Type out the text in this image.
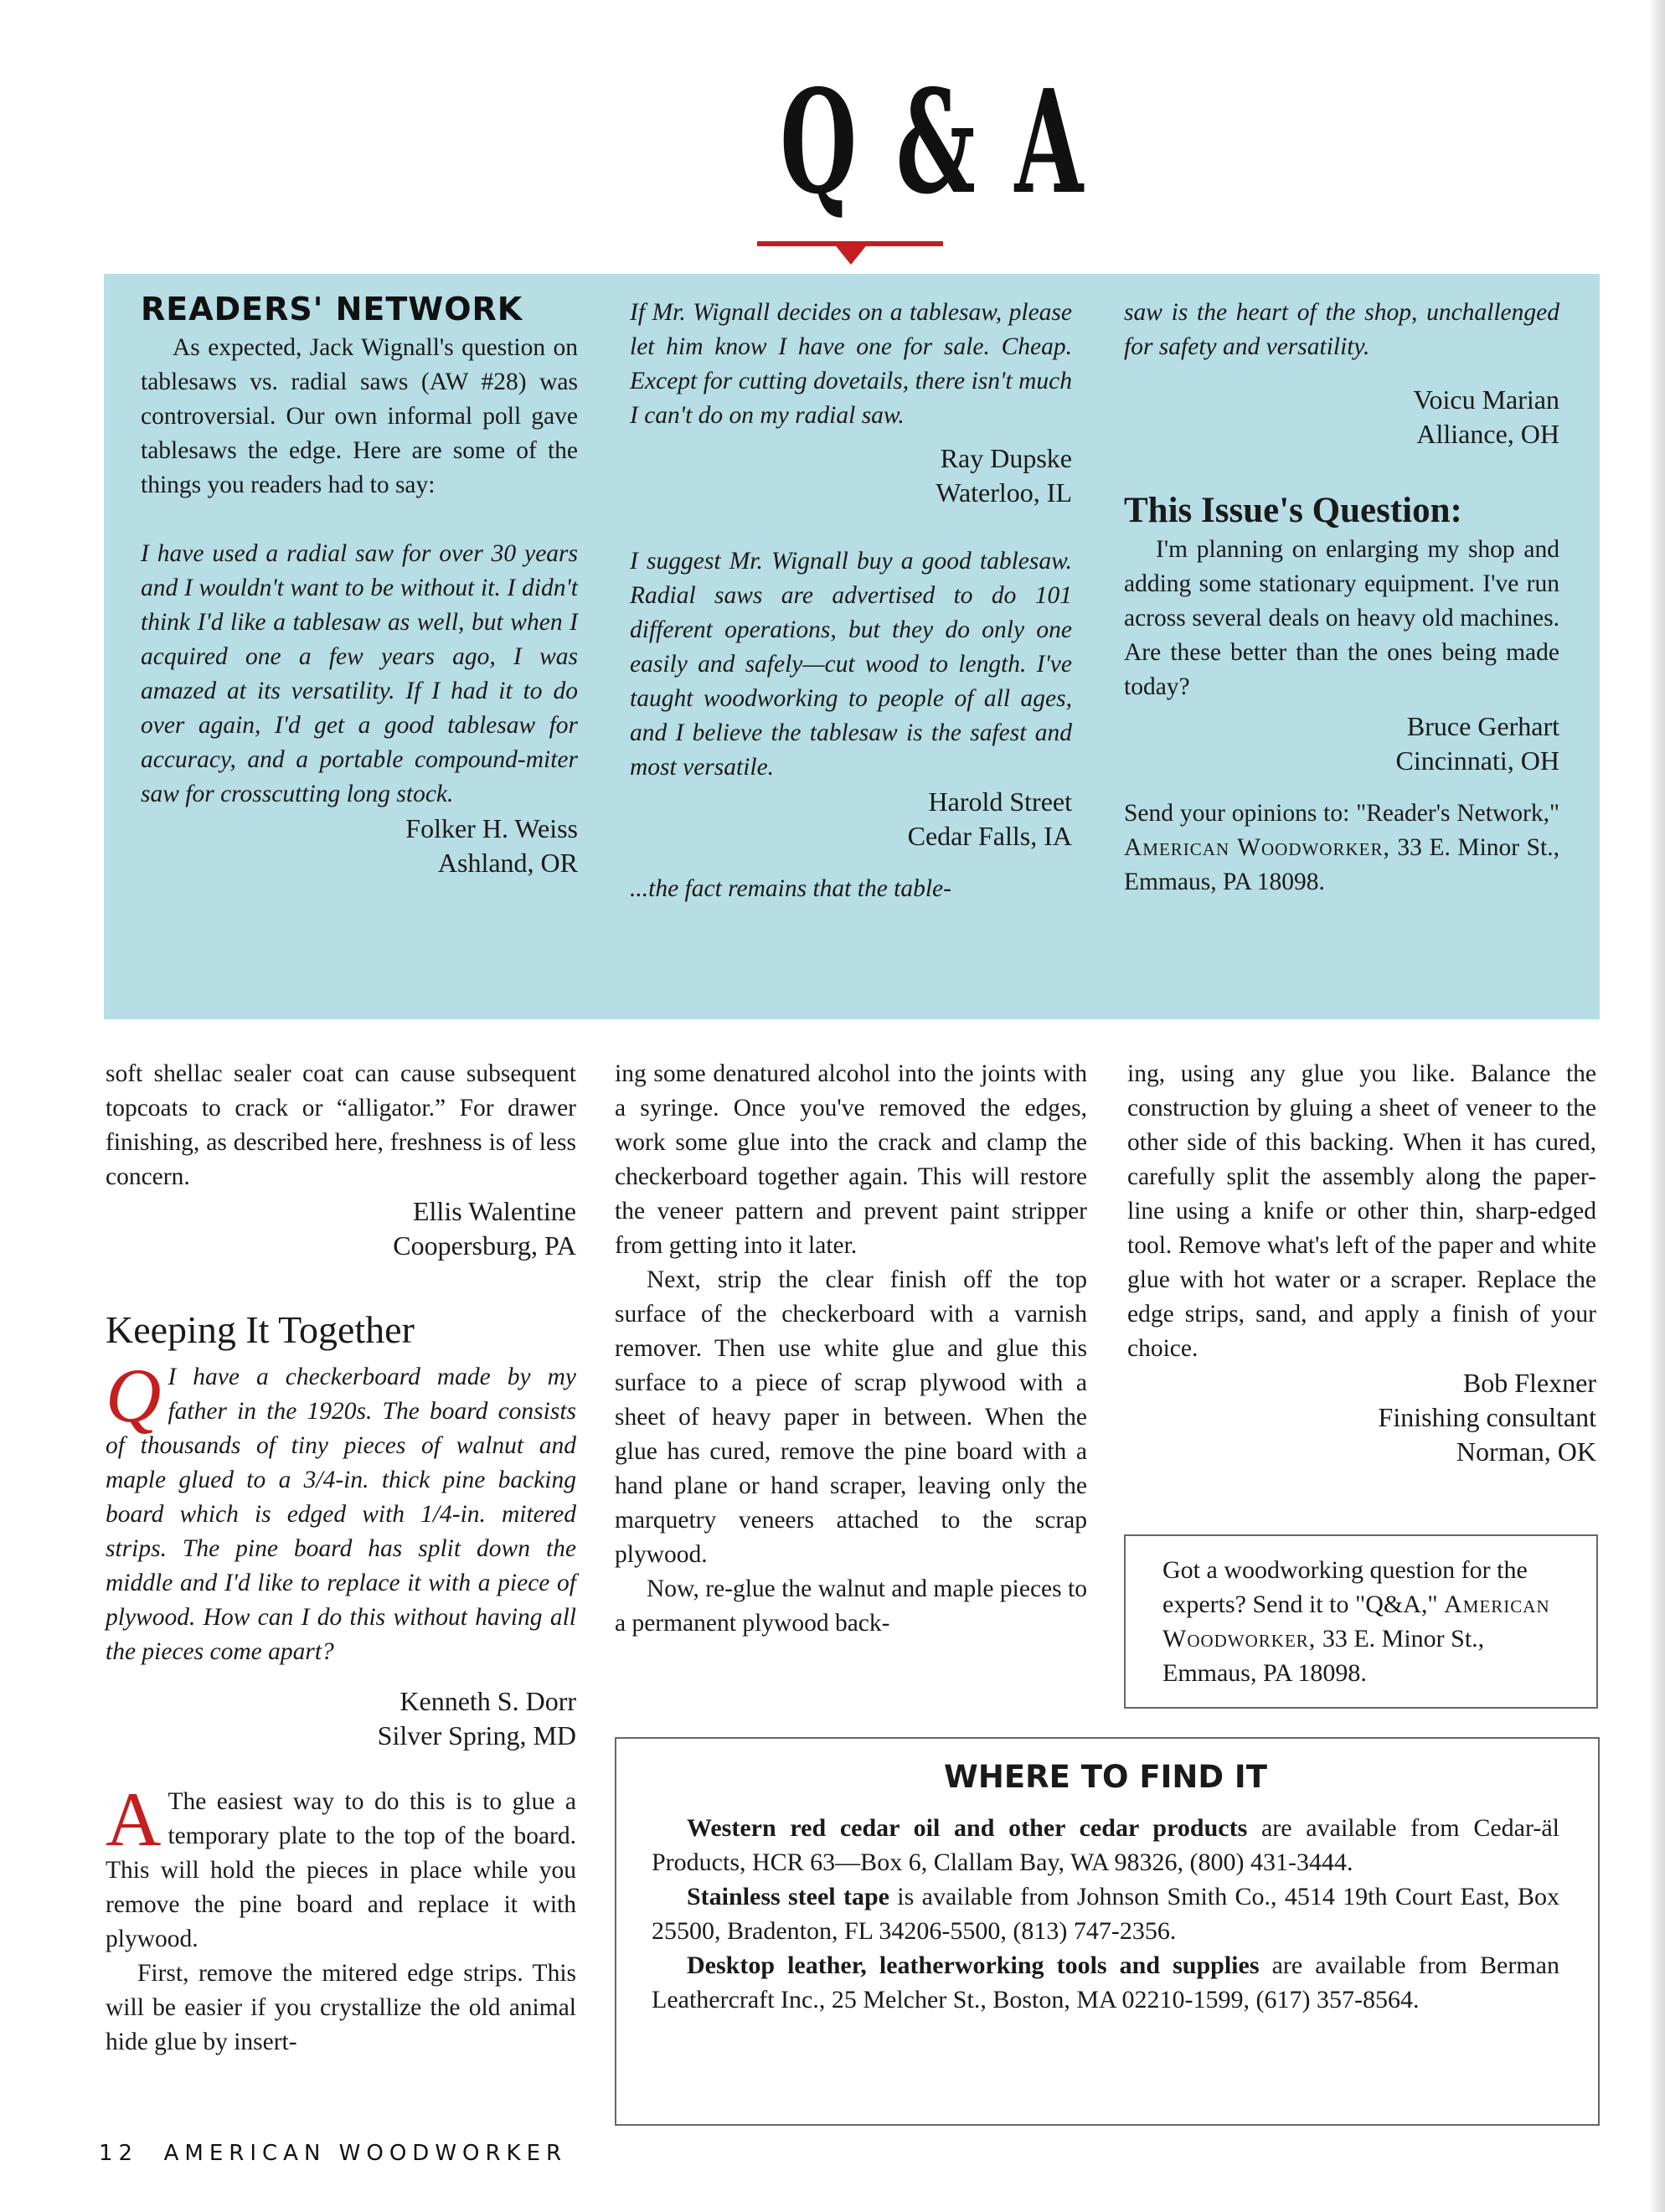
Q & A
READERS' NETWORK

As expected, Jack Wignall's question on tablesaws vs. radial saws (AW #28) was controversial. Our own informal poll gave tablesaws the edge. Here are some of the things you readers had to say:

I have used a radial saw for over 30 years and I wouldn't want to be without it. I didn't think I'd like a tablesaw as well, but when I acquired one a few years ago, I was amazed at its versatility. If I had it to do over again, I'd get a good tablesaw for accuracy, and a portable compound-miter saw for crosscutting long stock.

Folker H. Weiss
Ashland, OR

If Mr. Wignall decides on a tablesaw, please let him know I have one for sale. Cheap. Except for cutting dovetails, there isn't much I can't do on my radial saw.

Ray Dupske
Waterloo, IL

I suggest Mr. Wignall buy a good tablesaw. Radial saws are advertised to do 101 different operations, but they do only one easily and safely—cut wood to length. I've taught woodworking to people of all ages, and I believe the tablesaw is the safest and most versatile.

Harold Street
Cedar Falls, IA

...the fact remains that the table-

saw is the heart of the shop, unchallenged for safety and versatility.

Voicu Marian
Alliance, OH
This Issue's Question:

I'm planning on enlarging my shop and adding some stationary equipment. I've run across several deals on heavy old machines. Are these better than the ones being made today?

Bruce Gerhart
Cincinnati, OH

Send your opinions to: "Reader's Network," American Woodworker, 33 E. Minor St., Emmaus, PA 18098.

soft shellac sealer coat can cause subsequent topcoats to crack or “alligator.” For drawer finishing, as described here, freshness is of less concern.

Ellis Walentine
Coopersburg, PA
Keeping It Together

Q I have a checkerboard made by my father in the 1920s. The board consists of thousands of tiny pieces of walnut and maple glued to a 3/4-in. thick pine backing board which is edged with 1/4-in. mitered strips. The pine board has split down the middle and I'd like to replace it with a piece of plywood. How can I do this without having all the pieces come apart?

Kenneth S. Dorr
Silver Spring, MD

A The easiest way to do this is to glue a temporary plate to the top of the board. This will hold the pieces in place while you remove the pine board and replace it with plywood.

First, remove the mitered edge strips. This will be easier if you crystallize the old animal hide glue by insert-

ing some denatured alcohol into the joints with a syringe. Once you've removed the edges, work some glue into the crack and clamp the checkerboard together again. This will restore the veneer pattern and prevent paint stripper from getting into it later.

Next, strip the clear finish off the top surface of the checkerboard with a varnish remover. Then use white glue and glue this surface to a piece of scrap plywood with a sheet of heavy paper in between. When the glue has cured, remove the pine board with a hand plane or hand scraper, leaving only the marquetry veneers attached to the scrap plywood.

Now, re-glue the walnut and maple pieces to a permanent plywood back-

ing, using any glue you like. Balance the construction by gluing a sheet of veneer to the other side of this backing. When it has cured, carefully split the assembly along the paper-line using a knife or other thin, sharp-edged tool. Remove what's left of the paper and white glue with hot water or a scraper. Replace the edge strips, sand, and apply a finish of your choice.

Bob Flexner
Finishing consultant
Norman, OK

Got a woodworking question for the experts? Send it to "Q&A," American Woodworker, 33 E. Minor St., Emmaus, PA 18098.

WHERE TO FIND IT

Western red cedar oil and other cedar products are available from Cedar-äl Products, HCR 63—Box 6, Clallam Bay, WA 98326, (800) 431-3444.

Stainless steel tape is available from Johnson Smith Co., 4514 19th Court East, Box 25500, Bradenton, FL 34206-5500, (813) 747-2356.

Desktop leather, leatherworking tools and supplies are available from Berman Leathercraft Inc., 25 Melcher St., Boston, MA 02210-1599, (617) 357-8564.

12 AMERICAN WOODWORKER
